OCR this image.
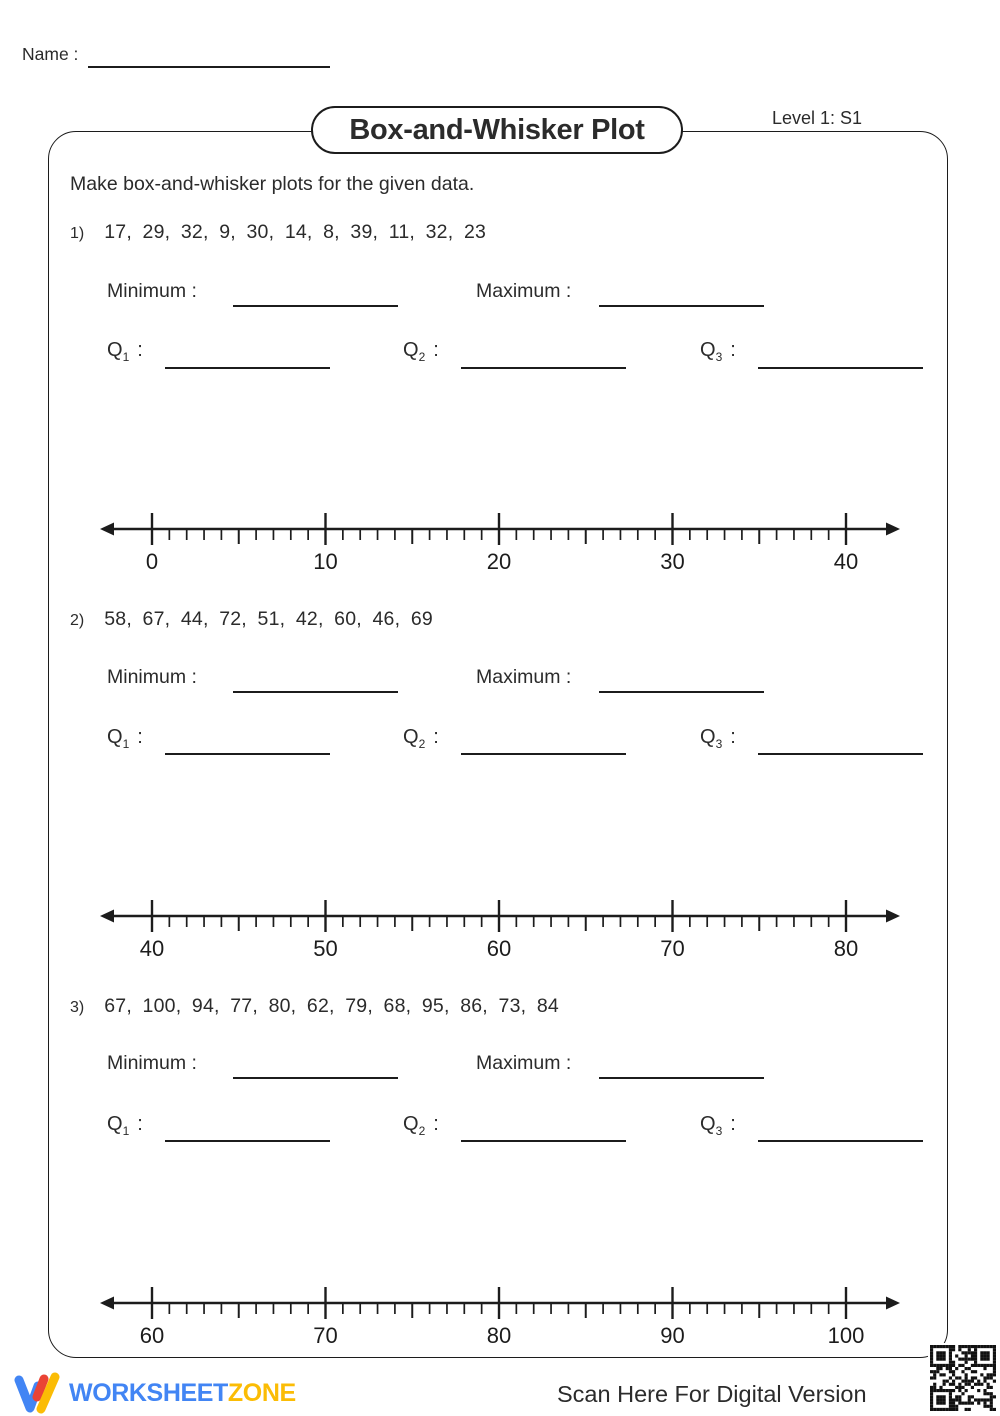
Name :
Box-and-Whisker Plot	Level 1: S1
Make box-and-whisker plots for the given data.
1) 17, 29, 32, 9, 30, 14, 8, 39, 11, 32, 23
Minimum :	Maximum :
$Q_1$ :	$Q_2$ :	$Q_3$ :
0	10	20	30	40
2) 58, 67, 44, 72, 51, 42, 60, 46, 69
Minimum :	Maximum :
$Q_1$ :	$Q_2$ :	$Q_3$ :
40	50	60	70	80
3) 67, 100, 94, 77, 80, 62, 79, 68, 95, 86, 73, 84
Minimum :	Maximum :
$Q_1$ :	$Q_2$ :	$Q_3$ :
60	70	80	90	100
WORKSHEETZONE	Scan Here For Digital Version
